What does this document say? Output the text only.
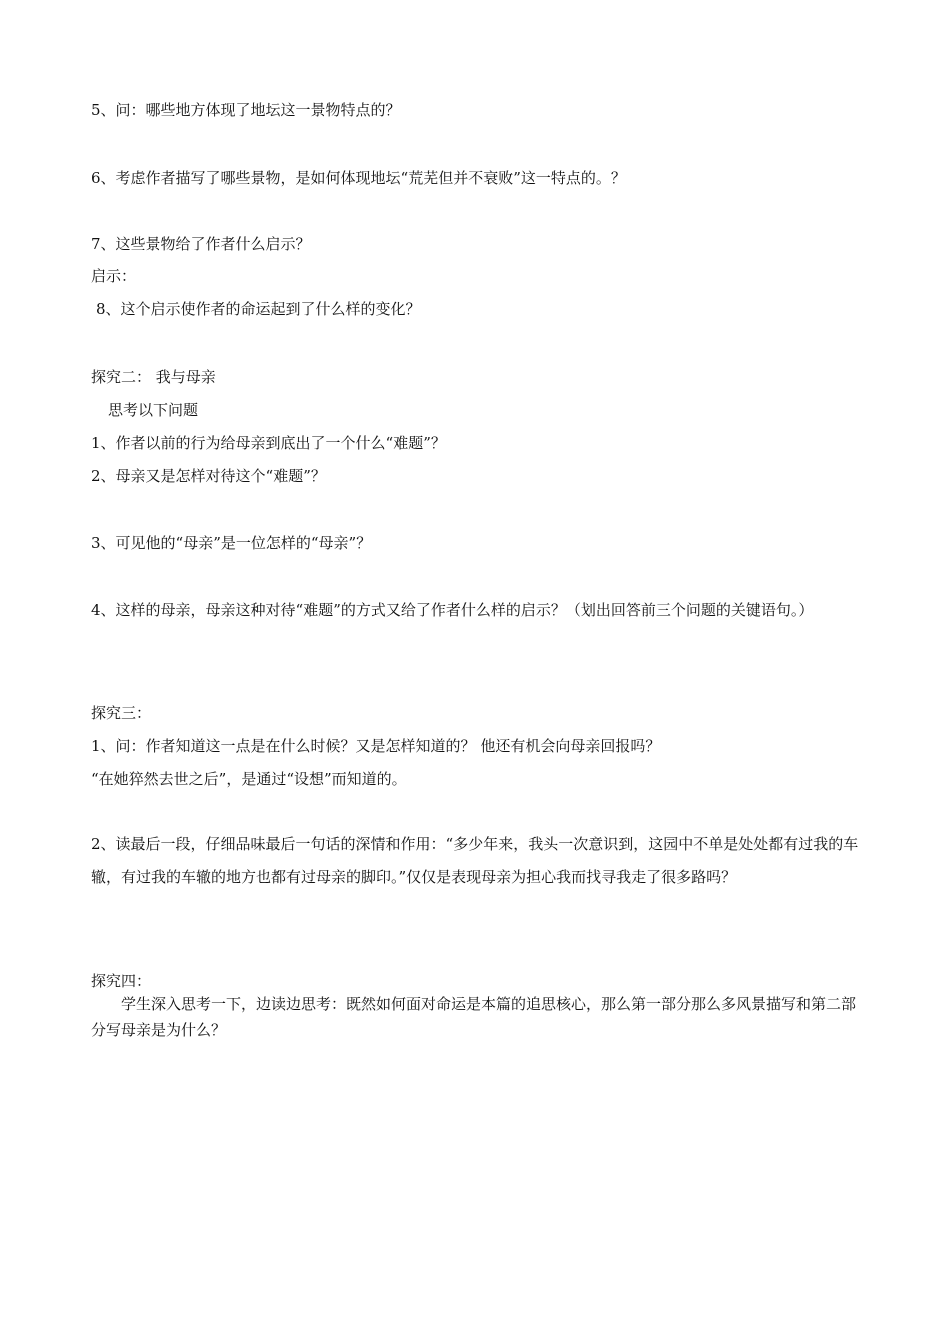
5、问：哪些地方体现了地坛这一景物特点的？
6、考虑作者描写了哪些景物，是如何体现地坛“荒芜但并不衰败”这一特点的。？
7、这些景物给了作者什么启示？
启示：
8、这个启示使作者的命运起到了什么样的变化？
探究二： 我与母亲
思考以下问题
1、作者以前的行为给母亲到底出了一个什么“难题”？
2、母亲又是怎样对待这个“难题”？
3、可见他的“母亲”是一位怎样的“母亲”？
4、这样的母亲，母亲这种对待“难题”的方式又给了作者什么样的启示？（划出回答前三个问题的关键语句。）
探究三：
1、问：作者知道这一点是在什么时候？又是怎样知道的？ 他还有机会向母亲回报吗？
“在她猝然去世之后”，是通过“设想”而知道的。
2、读最后一段，仔细品味最后一句话的深情和作用：“多少年来，我头一次意识到，这园中不单是处处都有过我的车辙，有过我的车辙的地方也都有过母亲的脚印。”仅仅是表现母亲为担心我而找寻我走了很多路吗？
探究四：
学生深入思考一下，边读边思考：既然如何面对命运是本篇的追思核心，那么第一部分那么多风景描写和第二部分写母亲是为什么？
